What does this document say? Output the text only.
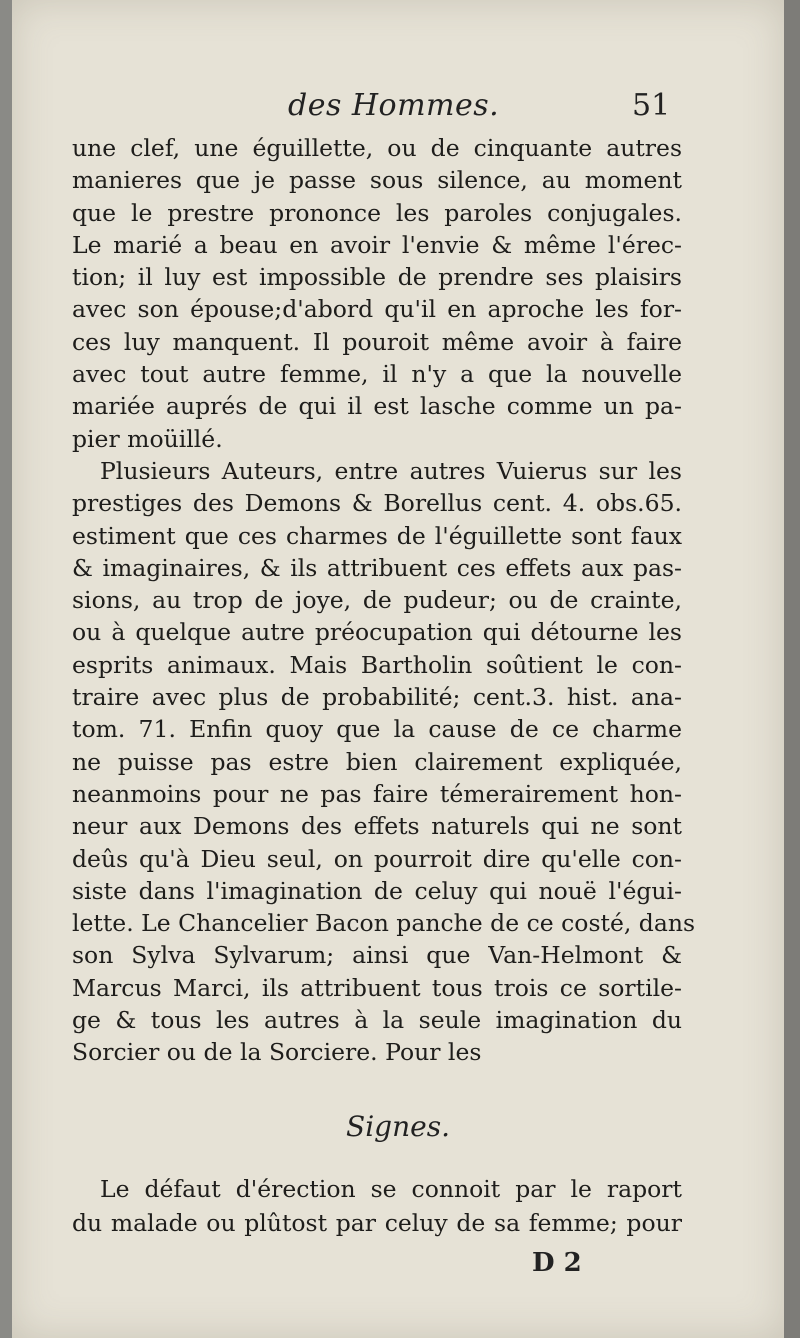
des Hommes.	51
une clef, une éguillette, ou de cinquante autres
manieres que je passe sous silence, au moment
que le prestre prononce les paroles conjugales.
Le marié a beau en avoir l'envie & même l'érec-
tion; il luy est impossible de prendre ses plaisirs
avec son épouse;d'abord qu'il en aproche les for-
ces luy manquent. Il pouroit même avoir à faire
avec tout autre femme, il n'y a que la nouvelle
mariée auprés de qui il est lasche comme un pa-
pier moüillé.
Plusieurs Auteurs, entre autres Vuierus sur les
prestiges des Demons & Borellus cent. 4. obs.65.
estiment que ces charmes de l'éguillette sont faux
& imaginaires, & ils attribuent ces effets aux pas-
sions, au trop de joye, de pudeur; ou de crainte,
ou à quelque autre préocupation qui détourne les
esprits animaux. Mais Bartholin soûtient le con-
traire avec plus de probabilité; cent.3. hist. ana-
tom. 71. Enfin quoy que la cause de ce charme
ne puisse pas estre bien clairement expliquée,
neanmoins pour ne pas faire témerairement hon-
neur aux Demons des effets naturels qui ne sont
deûs qu'à Dieu seul, on pourroit dire qu'elle con-
siste dans l'imagination de celuy qui nouë l'égui-
lette. Le Chancelier Bacon panche de ce costé, dans
son Sylva Sylvarum; ainsi que Van-Helmont &
Marcus Marci, ils attribuent tous trois ce sortile-
ge & tous les autres à la seule imagination du
Sorcier ou de la Sorciere. Pour les
Signes.
Le défaut d'érection se connoit par le raport
du malade ou plûtost par celuy de sa femme; pour
D 2
